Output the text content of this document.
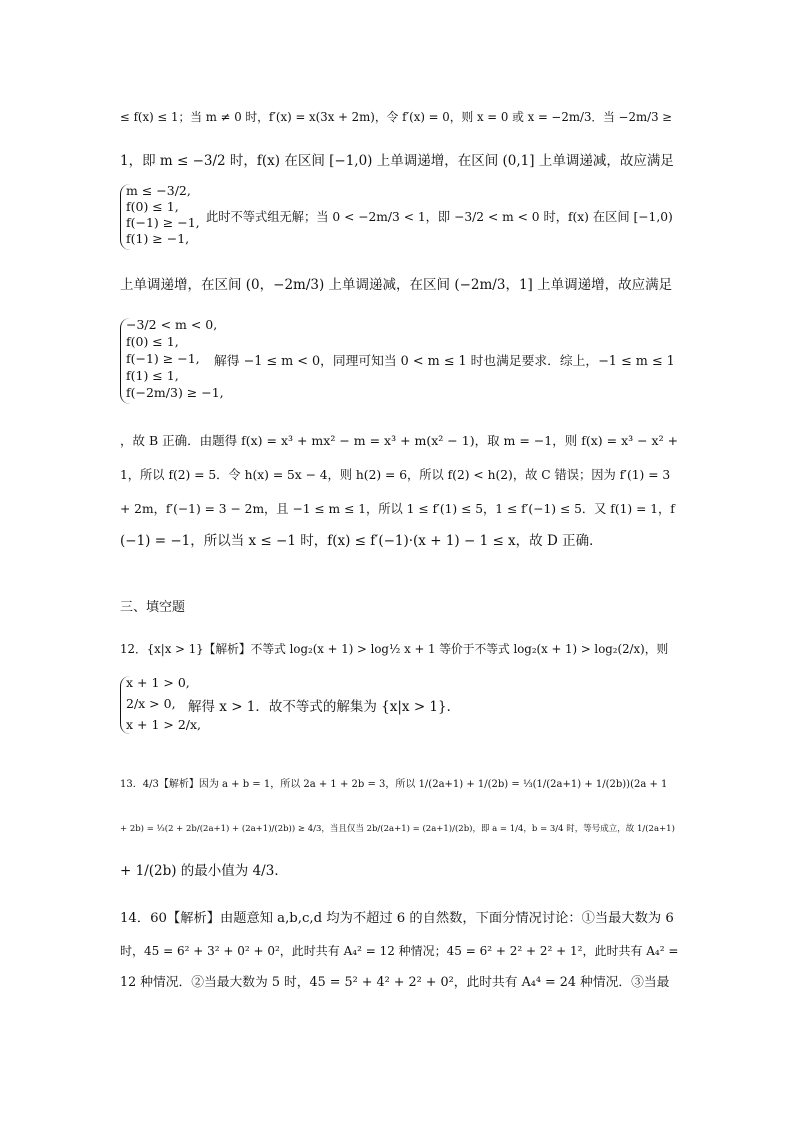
≤ f(x) ≤ 1；当 m ≠ 0 时，f′(x) = x(3x + 2m)，令 f′(x) = 0，则 x = 0 或 x = −2m/3．当 −2m/3 ≥
1，即 m ≤ −3/2 时，f(x) 在区间 [−1,0) 上单调递增，在区间 (0,1] 上单调递减，故应满足
m ≤ −3/2,
f(0) ≤ 1,
f(−1) ≥ −1,
f(1) ≥ −1,
此时不等式组无解；当 0 < −2m/3 < 1，即 −3/2 < m < 0 时，f(x) 在区间 [−1,0)
上单调递增，在区间 (0，−2m/3) 上单调递减，在区间 (−2m/3，1] 上单调递增，故应满足
−3/2 < m < 0,
f(0) ≤ 1,
f(−1) ≥ −1,
f(1) ≤ 1,
f(−2m/3) ≥ −1,
解得 −1 ≤ m < 0，同理可知当 0 < m ≤ 1 时也满足要求．综上，−1 ≤ m ≤ 1
，故 B 正确．由题得 f(x) = x³ + mx² − m = x³ + m(x² − 1)，取 m = −1，则 f(x) = x³ − x² +
1，所以 f(2) = 5．令 h(x) = 5x − 4，则 h(2) = 6，所以 f(2) < h(2)，故 C 错误；因为 f′(1) = 3
+ 2m，f′(−1) = 3 − 2m，且 −1 ≤ m ≤ 1，所以 1 ≤ f′(1) ≤ 5，1 ≤ f′(−1) ≤ 5．又 f(1) = 1，f
(−1) = −1，所以当 x ≤ −1 时，f(x) ≤ f′(−1)·(x + 1) − 1 ≤ x，故 D 正确．
三、填空题
12．{x|x > 1}【解析】不等式 log₂(x + 1) > log½ x + 1 等价于不等式 log₂(x + 1) > log₂(2/x)，则
x + 1 > 0,
2/x > 0,
x + 1 > 2/x,
解得 x > 1．故不等式的解集为 {x|x > 1}．
13．4/3【解析】因为 a + b = 1，所以 2a + 1 + 2b = 3，所以 1/(2a+1) + 1/(2b) = ⅓(1/(2a+1) + 1/(2b))(2a + 1
+ 2b) = ⅓(2 + 2b/(2a+1) + (2a+1)/(2b)) ≥ 4/3，当且仅当 2b/(2a+1) = (2a+1)/(2b)，即 a = 1/4，b = 3/4 时，等号成立，故 1/(2a+1)
+ 1/(2b) 的最小值为 4/3．
14．60【解析】由题意知 a,b,c,d 均为不超过 6 的自然数，下面分情况讨论：①当最大数为 6
时，45 = 6² + 3² + 0² + 0²，此时共有 A₄² = 12 种情况；45 = 6² + 2² + 2² + 1²，此时共有 A₄² =
12 种情况．②当最大数为 5 时，45 = 5² + 4² + 2² + 0²，此时共有 A₄⁴ = 24 种情况．③当最
